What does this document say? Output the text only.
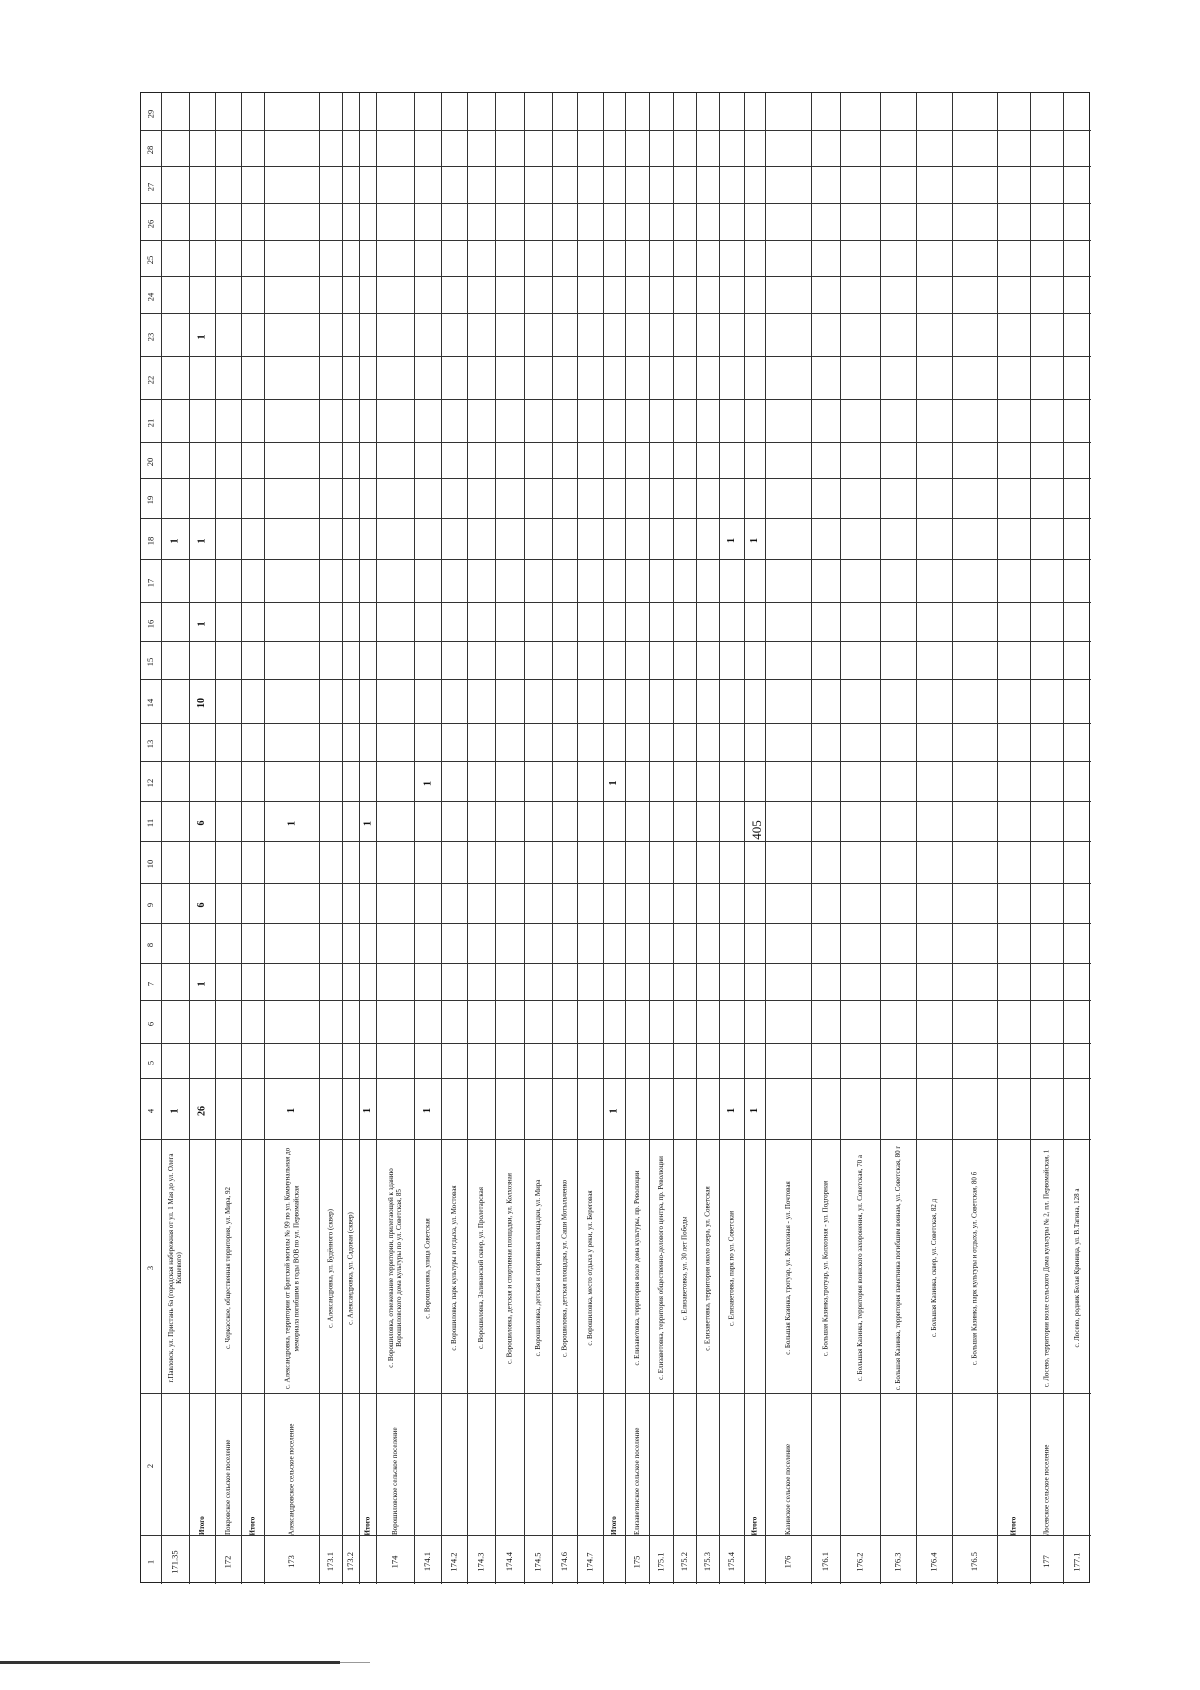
405
1
2
3
4
5
6
7
8
9
10
11
12
13
14
15
16
17
18
19
20
21
22
23
24
25
26
27
28
29
171.35
г.Павловск, ул. Пристань 6а (городская набережная от ул. 1 Мая до ул. Олега Кошевого)
1
1
Итого
26
1
6
6
10
1
1
1
172
Покровское сельское поселение
с. Черкасское, общественная территория, ул. Мира, 92
Итого
173
Александровское сельское поселение
с. Александровка, территория от Братской могилы № 99 по ул. Коммунальная до мемориала погибшим в годы ВОВ по ул. Первомайская
1
1
173.1
с. Александровка, ул. Будённого (сквер)
173.2
с. Александровка, ул. Садовая (сквер)
Итого
1
1
174
Ворошиловское сельское поселение
с. Ворошиловка, отмежевание территории, прилегающей к зданию Ворошиловского дома культуры по ул. Советская, 85
174.1
с. Ворошиловка, улица Советская
1
1
174.2
с. Ворошиловка, парк культуры и отдыха, ул. Мостовая
174.3
с. Ворошиловка, Заливанский сквер, ул. Пролетарская
174.4
с. Ворошиловка, детская и спортивная площадки, ул. Колхозная
174.5
с. Ворошиловка, детская и спортивная площадки, ул. Мира
174.6
с. Ворошиловка, детская площадка, ул. Саши Мотыльченко
174.7
с. Ворошиловка, место отдыха у реки, ул. Береговая
Итого
1
1
175
Елизаветинское сельское поселение
с. Елизаветовка, территория возле дома культуры, пр. Революции
175.1
с. Елизаветовка, территория общественно-делового центра, пр. Революции
175.2
с. Елизаветовка, ул. 30 лет Победы
175.3
с. Елизаветовка, территория около озера, ул. Советская
175.4
с. Елизаветовка, парк по ул. Советская
1
1
Итого
1
1
176
Казинское сельское поселение
с. Большая Казинка, тротуар, ул. Колхозная - ул. Почтовая
176.1
с. Большая Казинка,тротуар, ул. Колхозная - ул. Подгорная
176.2
с. Большая Казинка, территория воинского захоронения, ул. Советская, 70 а
176.3
с. Большая Казинка, территория памятника погибшим воинам, ул. Советская, 80 г
176.4
с. Большая Казинка, сквер, ул. Советская, 82 д
176.5
с. Большая Казинка, парк культуры и отдыха, ул. Советская, 80 б
Итого
177
Лосевское сельское поселение
с. Лосево, территория возле сельского Дома культуры № 2, пл. Первомайская, 1
177.1
с. Лосево, родник Белая Криница, ул. В.Тагина, 128 а
